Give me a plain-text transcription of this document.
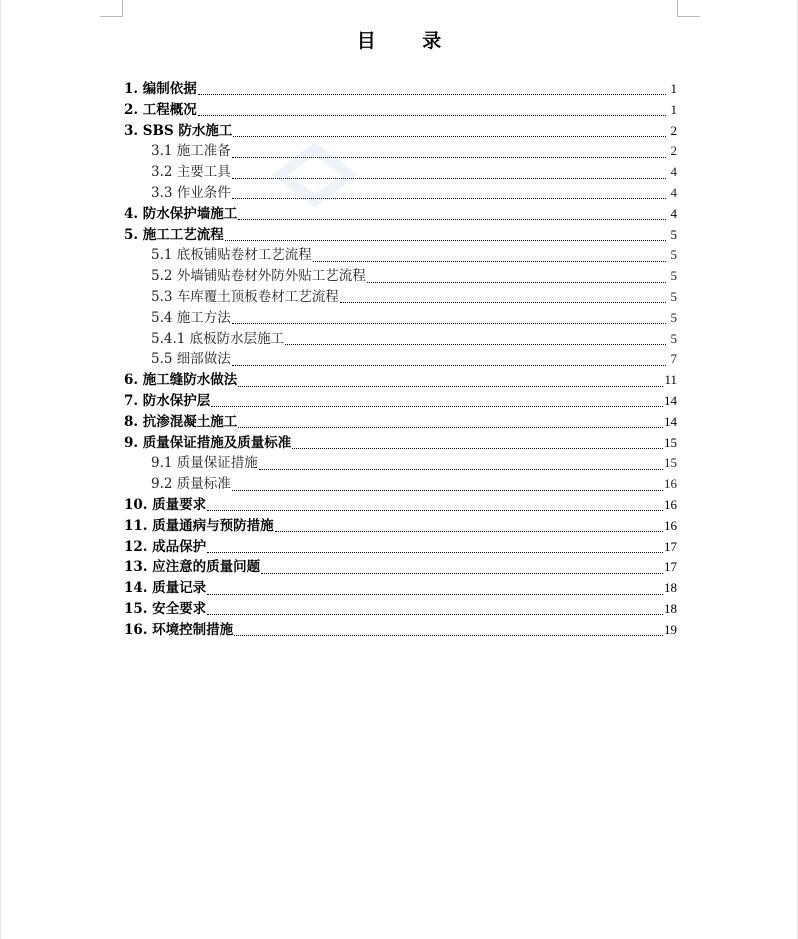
目 录
1. 编制依据	1
2. 工程概况	1
3. SBS 防水施工	2
3.1 施工准备	2
3.2 主要工具	4
3.3 作业条件	4
4. 防水保护墙施工	4
5. 施工工艺流程	5
5.1 底板铺贴卷材工艺流程	5
5.2 外墙铺贴卷材外防外贴工艺流程	5
5.3 车库覆土顶板卷材工艺流程	5
5.4 施工方法	5
5.4.1 底板防水层施工	5
5.5 细部做法	7
6. 施工缝防水做法	11
7. 防水保护层	14
8. 抗渗混凝土施工	14
9. 质量保证措施及质量标准	15
9.1 质量保证措施	15
9.2 质量标准	16
10. 质量要求	16
11. 质量通病与预防措施	16
12. 成品保护	17
13. 应注意的质量问题	17
14. 质量记录	18
15. 安全要求	18
16. 环境控制措施	19
